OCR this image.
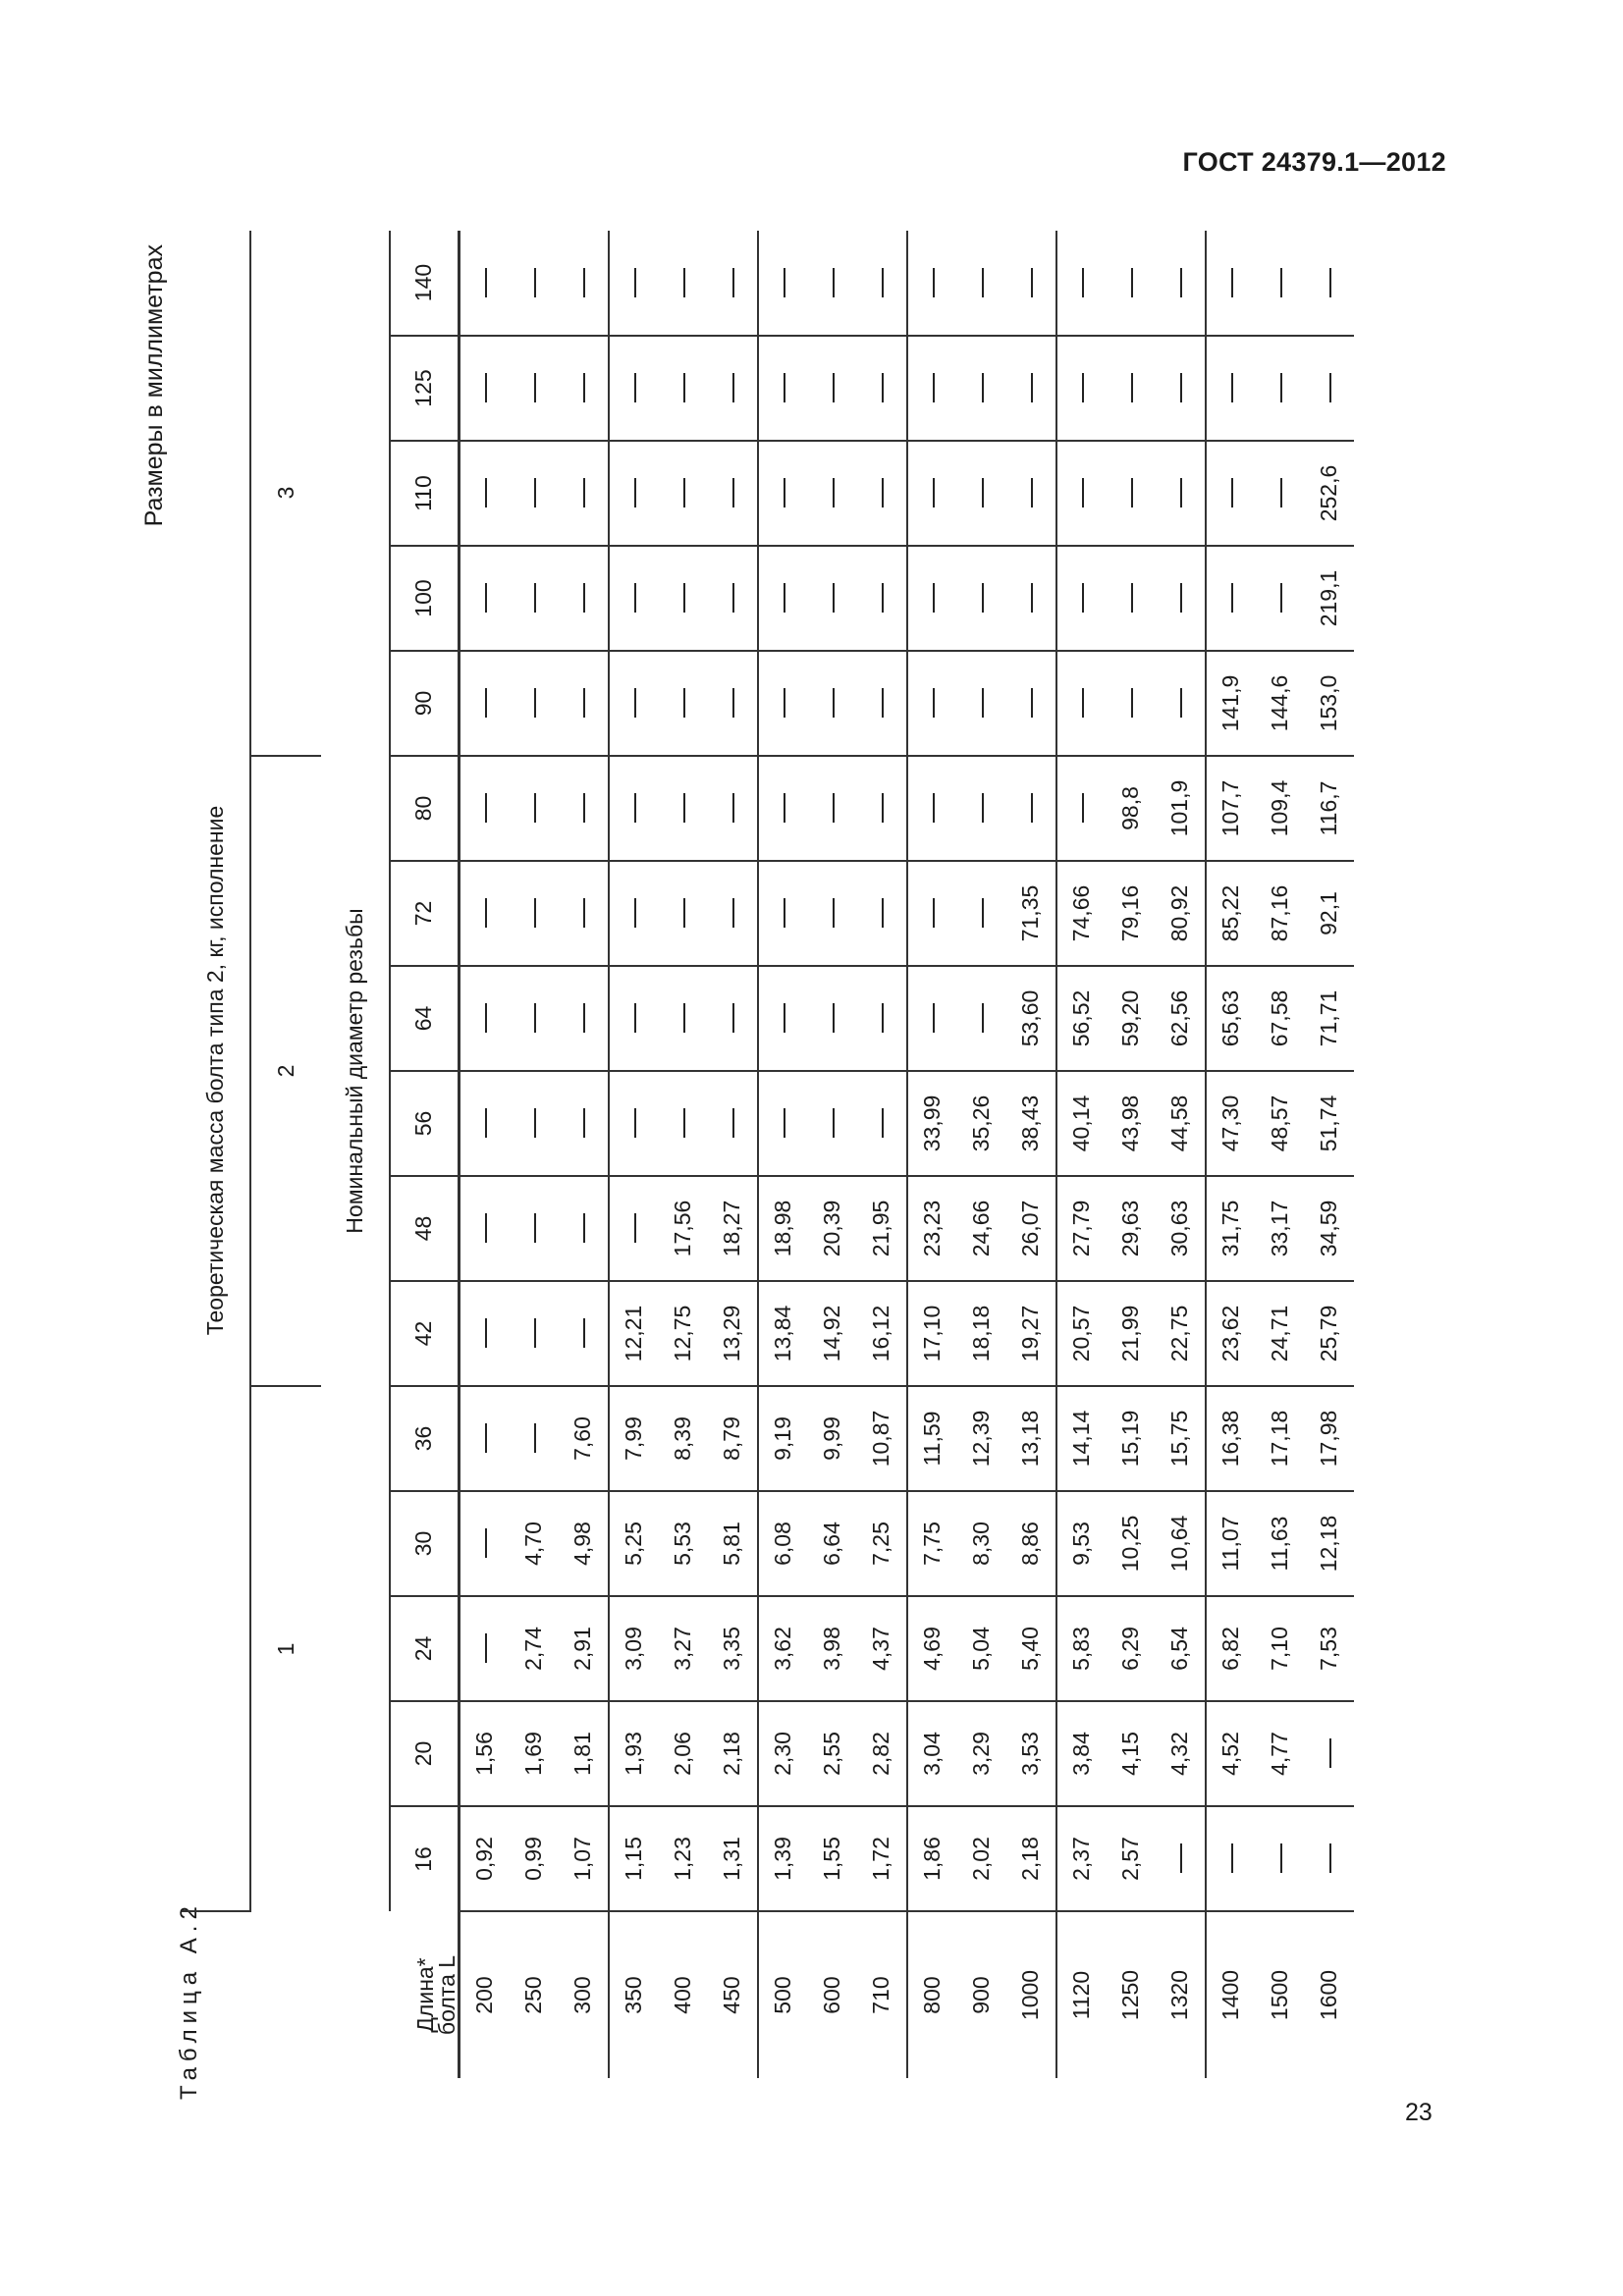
ГОСТ 24379.1—2012
Таблица А.2
Размеры в миллиметрах
Длина*
болта L	Теоретическая масса болта типа 2, кг, исполнение															
	1					2						3				
	Номинальный диаметр резьбы															
	16	20	24	30	36	42	48	56	64	72	80	90	100	110	125	140
200	0,92	1,56														
250	0,99	1,69	2,74	4,70												
300	1,07	1,81	2,91	4,98	7,60											
350	1,15	1,93	3,09	5,25	7,99	12,21										
400	1,23	2,06	3,27	5,53	8,39	12,75	17,56									
450	1,31	2,18	3,35	5,81	8,79	13,29	18,27									
500	1,39	2,30	3,62	6,08	9,19	13,84	18,98									
600	1,55	2,55	3,98	6,64	9,99	14,92	20,39									
710	1,72	2,82	4,37	7,25	10,87	16,12	21,95									
800	1,86	3,04	4,69	7,75	11,59	17,10	23,23	33,99								
900	2,02	3,29	5,04	8,30	12,39	18,18	24,66	35,26								
1000	2,18	3,53	5,40	8,86	13,18	19,27	26,07	38,43	53,60	71,35						
1120	2,37	3,84	5,83	9,53	14,14	20,57	27,79	40,14	56,52	74,66						
1250	2,57	4,15	6,29	10,25	15,19	21,99	29,63	43,98	59,20	79,16	98,8					
1320		4,32	6,54	10,64	15,75	22,75	30,63	44,58	62,56	80,92	101,9					
1400		4,52	6,82	11,07	16,38	23,62	31,75	47,30	65,63	85,22	107,7	141,9				
1500		4,77	7,10	11,63	17,18	24,71	33,17	48,57	67,58	87,16	109,4	144,6				
1600			7,53	12,18	17,98	25,79	34,59	51,74	71,71	92,1	116,7	153,0	219,1	252,6		
23
